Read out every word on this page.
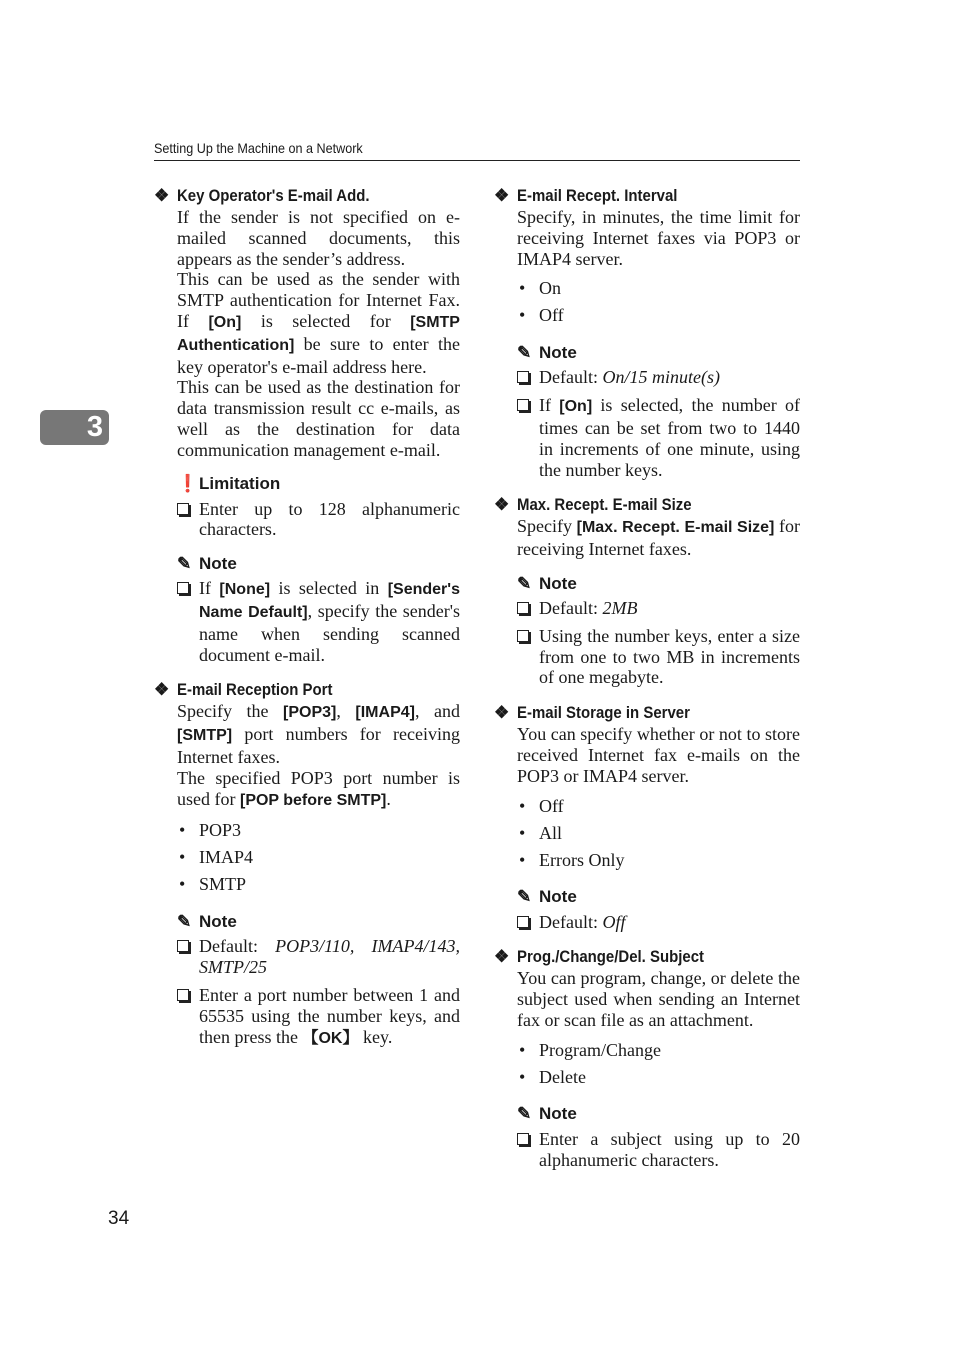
Setting Up the Machine on a Network
3
❖ Key Operator's E-mail Add.

If the sender is not specified on e-mailed scanned documents, this appears as the sender’s address.

This can be used as the sender with SMTP authentication for Internet Fax. If [On] is selected for [SMTP Authentication] be sure to enter the key operator's e-mail address here.

This can be used as the destination for data transmission result cc e-mails, as well as the destination for data communication management e-mail.

❗ Limitation
Enter up to 128 alphanumeric characters.
✎ Note
If [None] is selected in [Sender's Name Default], specify the sender's name when sending scanned document e-mail.
❖ E-mail Reception Port

Specify the [POP3], [IMAP4], and [SMTP] port numbers for receiving Internet faxes.

The specified POP3 port number is used for [POP before SMTP].

• POP3
• IMAP4
• SMTP
✎ Note
Default: POP3/110, IMAP4/143, SMTP/25
Enter a port number between 1 and 65535 using the number keys, and then press the 【OK】 key.
❖ E-mail Recept. Interval

Specify, in minutes, the time limit for receiving Internet faxes via POP3 or IMAP4 server.

• On
• Off
✎ Note
Default: On/15 minute(s)
If [On] is selected, the number of times can be set from two to 1440 in increments of one minute, using the number keys.
❖ Max. Recept. E-mail Size

Specify [Max. Recept. E-mail Size] for receiving Internet faxes.

✎ Note
Default: 2MB
Using the number keys, enter a size from one to two MB in increments of one megabyte.
❖ E-mail Storage in Server

You can specify whether or not to store received Internet fax e-mails on the POP3 or IMAP4 server.

• Off
• All
• Errors Only
✎ Note
Default: Off
❖ Prog./Change/Del. Subject

You can program, change, or delete the subject used when sending an Internet fax or scan file as an attachment.

• Program/Change
• Delete
✎ Note
Enter a subject using up to 20 alphanumeric characters.
34
